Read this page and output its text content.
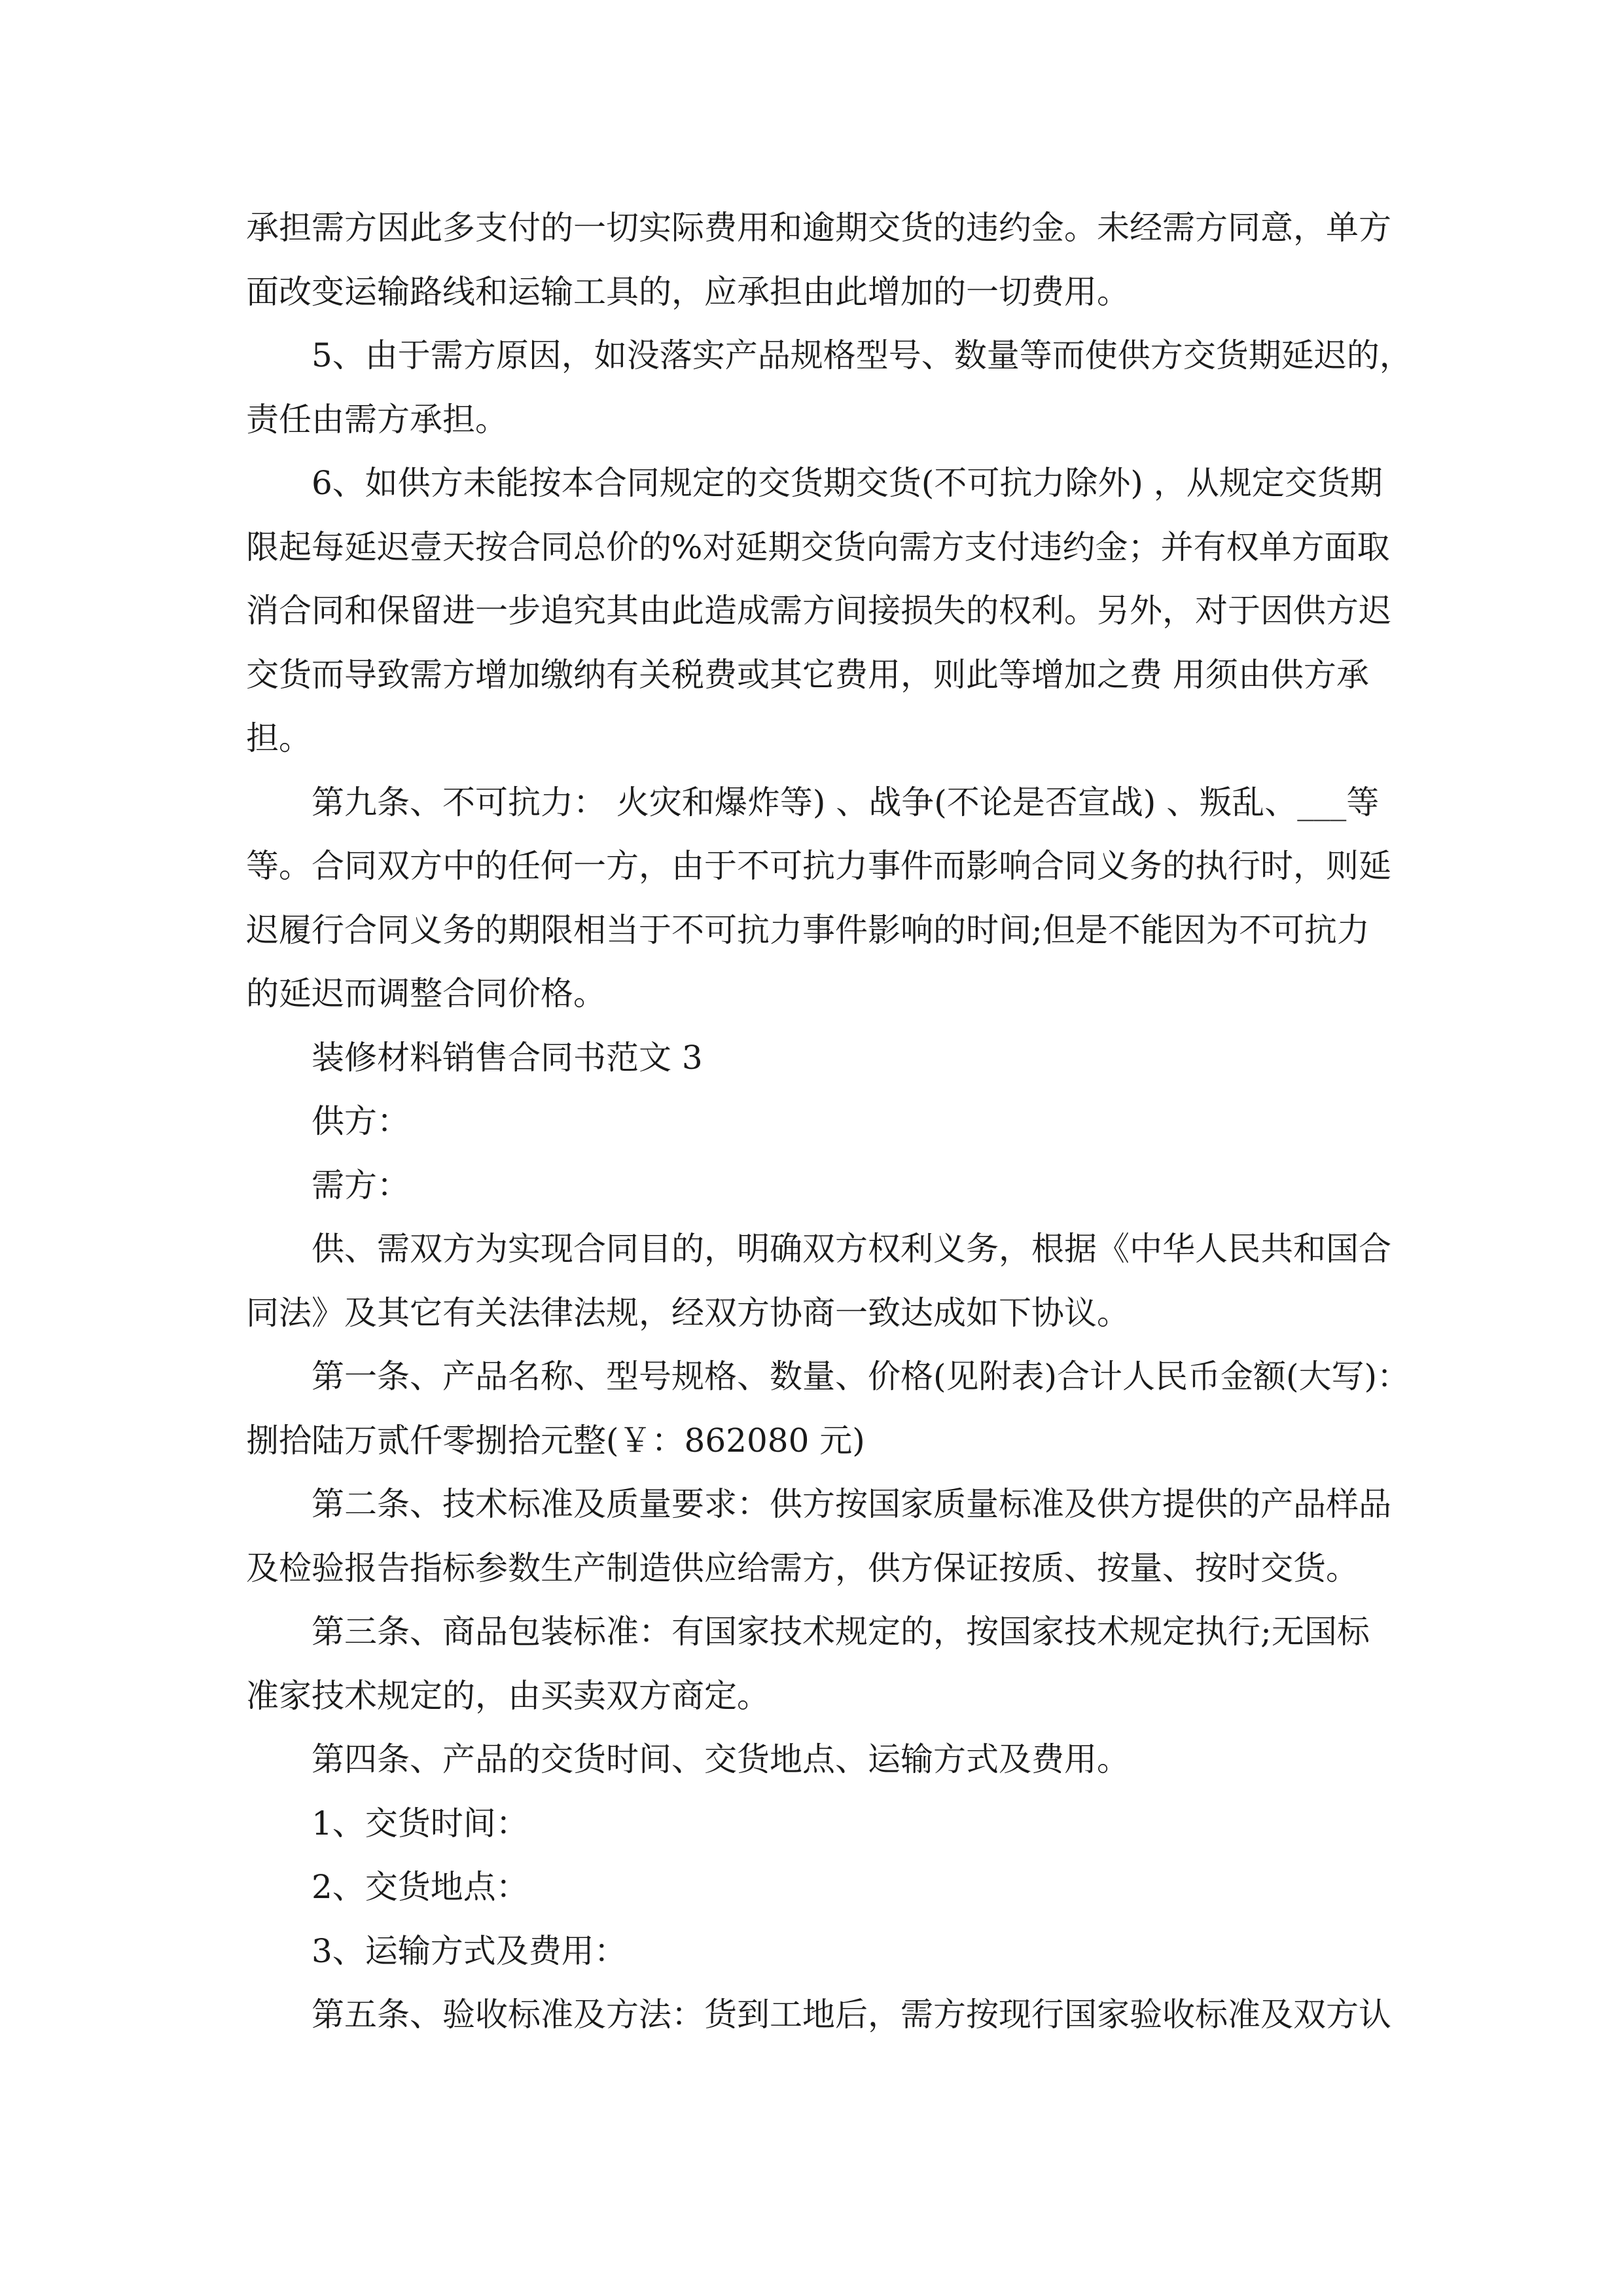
承担需方因此多支付的一切实际费用和逾期交货的违约金。未经需方同意，单方
面改变运输路线和运输工具的，应承担由此增加的一切费用。
5、由于需方原因，如没落实产品规格型号、数量等而使供方交货期延迟的，
责任由需方承担。
6、如供方未能按本合同规定的交货期交货(不可抗力除外) ，从规定交货期
限起每延迟壹天按合同总价的%对延期交货向需方支付违约金；并有权单方面取
消合同和保留进一步追究其由此造成需方间接损失的权利。另外，对于因供方迟
交货而导致需方增加缴纳有关税费或其它费用，则此等增加之费 用须由供方承
担。
第九条、不可抗力： 火灾和爆炸等) 、战争(不论是否宣战) 、叛乱、___等
等。合同双方中的任何一方，由于不可抗力事件而影响合同义务的执行时，则延
迟履行合同义务的期限相当于不可抗力事件影响的时间;但是不能因为不可抗力
的延迟而调整合同价格。
装修材料销售合同书范文 3
供方：
需方：
供、需双方为实现合同目的，明确双方权利义务，根据《中华人民共和国合
同法》及其它有关法律法规，经双方协商一致达成如下协议。
第一条、产品名称、型号规格、数量、价格(见附表)合计人民币金额(大写)：
捌拾陆万贰仟零捌拾元整(￥：862080 元)
第二条、技术标准及质量要求：供方按国家质量标准及供方提供的产品样品
及检验报告指标参数生产制造供应给需方，供方保证按质、按量、按时交货。
第三条、商品包装标准：有国家技术规定的，按国家技术规定执行;无国标
准家技术规定的，由买卖双方商定。
第四条、产品的交货时间、交货地点、运输方式及费用。
1、交货时间：
2、交货地点：
3、运输方式及费用：
第五条、验收标准及方法：货到工地后，需方按现行国家验收标准及双方认
